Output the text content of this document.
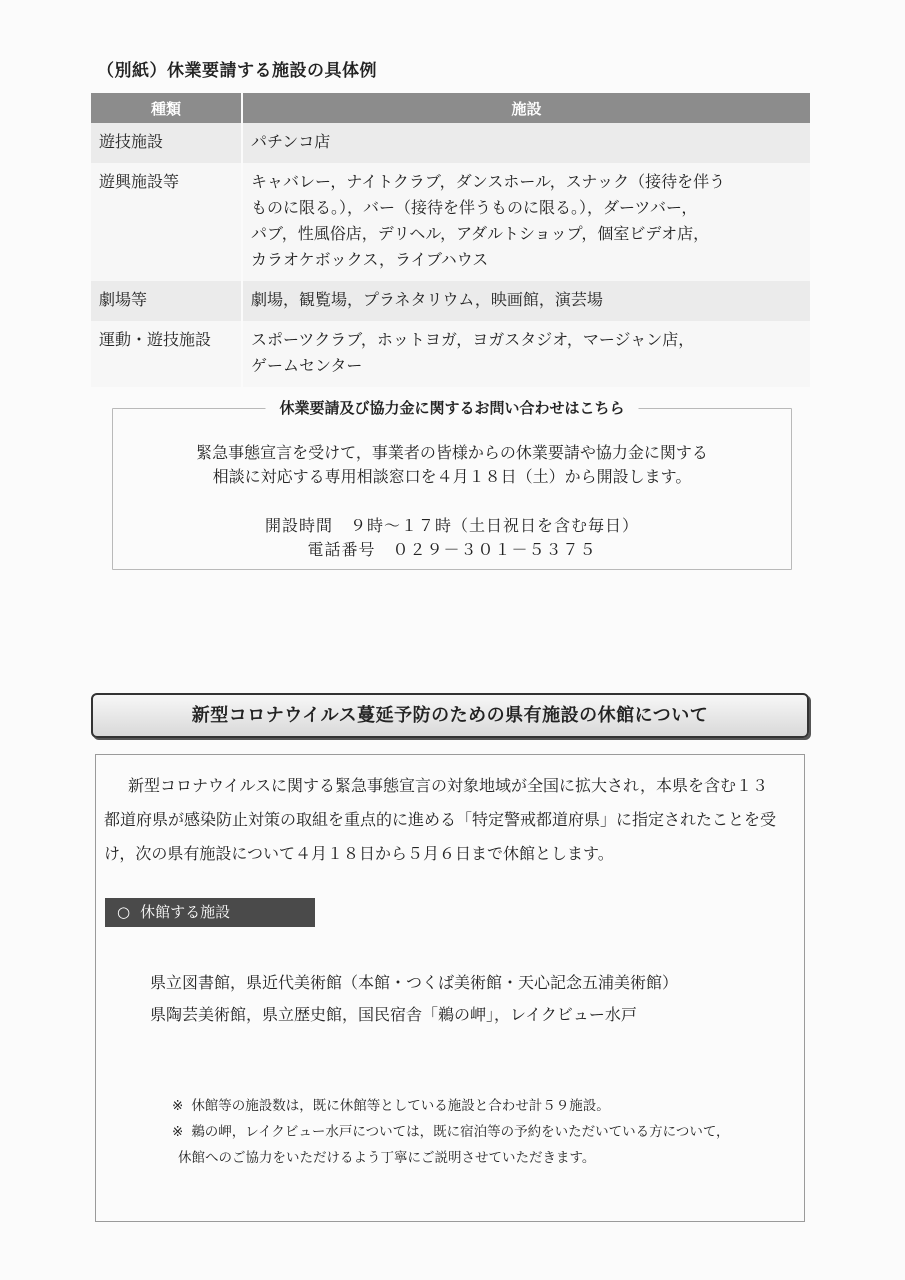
（別紙）休業要請する施設の具体例
種類	施設
遊技施設	パチンコ店

遊興施設等	キャバレー，ナイトクラブ，ダンスホール，スナック（接待を伴う
ものに限る。），バー（接待を伴うものに限る。），ダーツバー，
パブ，性風俗店，デリヘル，アダルトショップ，個室ビデオ店，
カラオケボックス，ライブハウス

劇場等	劇場，観覧場，プラネタリウム，映画館，演芸場

運動・遊技施設	スポーツクラブ，ホットヨガ，ヨガスタジオ，マージャン店，
ゲームセンター
休業要請及び協力金に関するお問い合わせはこちら

緊急事態宣言を受けて，事業者の皆様からの休業要請や協力金に関する

相談に対応する専用相談窓口を４月１８日（土）から開設します。

開設時間　９時～１７時（土日祝日を含む毎日）

電話番号　０２９－３０１－５３７５

新型コロナウイルス蔓延予防のための県有施設の休館について

新型コロナウイルスに関する緊急事態宣言の対象地域が全国に拡大され，本県を含む１３

都道府県が感染防止対策の取組を重点的に進める「特定警戒都道府県」に指定されたことを受

け，次の県有施設について４月１８日から５月６日まで休館とします。

○ 休館する施設

県立図書館，県近代美術館（本館・つくば美術館・天心記念五浦美術館）

県陶芸美術館，県立歴史館，国民宿舎「鵜の岬」，レイクビュー水戸

※ 休館等の施設数は，既に休館等としている施設と合わせ計５９施設。

※ 鵜の岬，レイクビュー水戸については，既に宿泊等の予約をいただいている方について，

休館へのご協力をいただけるよう丁寧にご説明させていただきます。
